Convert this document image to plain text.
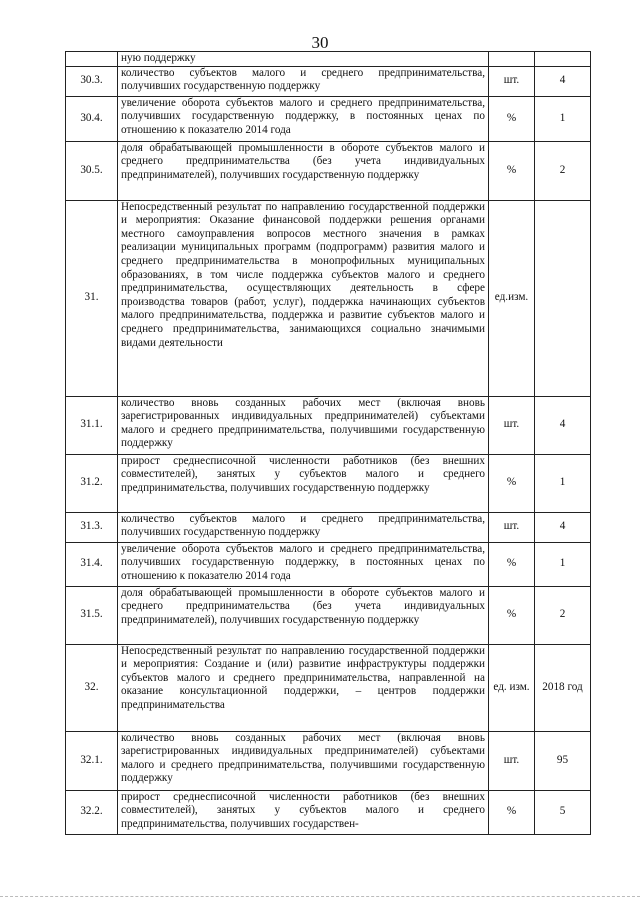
30
	ную поддержку		
30.3.	количество субъектов малого и среднего предпринимательства, получивших государственную поддержку	шт.	4
30.4.	увеличение оборота субъектов малого и среднего предпринимательства, получивших государственную поддержку, в постоянных ценах по отношению к показателю 2014 года	%	1
30.5.	доля обрабатывающей промышленности в обороте субъектов малого и среднего предпринимательства (без учета индивидуальных предпринимателей), получивших государственную поддержку	%	2
31.	Непосредственный результат по направлению государственной поддержки и мероприятия: Оказание финансовой поддержки решения органами местного самоуправления вопросов местного значения в рамках реализации муниципальных программ (подпрограмм) развития малого и среднего предпринимательства в монопрофильных муниципальных образованиях, в том числе поддержка субъектов малого и среднего предпринимательства, осуществляющих деятельность в сфере производства товаров (работ, услуг), поддержка начинающих субъектов малого предпринимательства, поддержка и развитие субъектов малого и среднего предпринимательства, занимающихся социально значимыми видами деятельности	ед.изм.	
31.1.	количество вновь созданных рабочих мест (включая вновь зарегистрированных индивидуальных предпринимателей) субъектами малого и среднего предпринимательства, получившими государственную поддержку	шт.	4
31.2.	прирост среднесписочной численности работников (без внешних совместителей), занятых у субъектов малого и среднего предпринимательства, получивших государственную поддержку	%	1
31.3.	количество субъектов малого и среднего предпринимательства, получивших государственную поддержку	шт.	4
31.4.	увеличение оборота субъектов малого и среднего предпринимательства, получивших государственную поддержку, в постоянных ценах по отношению к показателю 2014 года	%	1
31.5.	доля обрабатывающей промышленности в обороте субъектов малого и среднего предпринимательства (без учета индивидуальных предпринимателей), получивших государственную поддержку	%	2
32.	Непосредственный результат по направлению государственной поддержки и мероприятия: Создание и (или) развитие инфраструктуры поддержки субъектов малого и среднего предпринимательства, направленной на оказание консультационной поддержки, – центров поддержки предпринимательства	ед. изм.	2018 год
32.1.	количество вновь созданных рабочих мест (включая вновь зарегистрированных индивидуальных предпринимателей) субъектами малого и среднего предпринимательства, получившими государственную поддержку	шт.	95
32.2.	прирост среднесписочной численности работников (без внешних совместителей), занятых у субъектов малого и среднего предпринимательства, получивших государствен-	%	5
